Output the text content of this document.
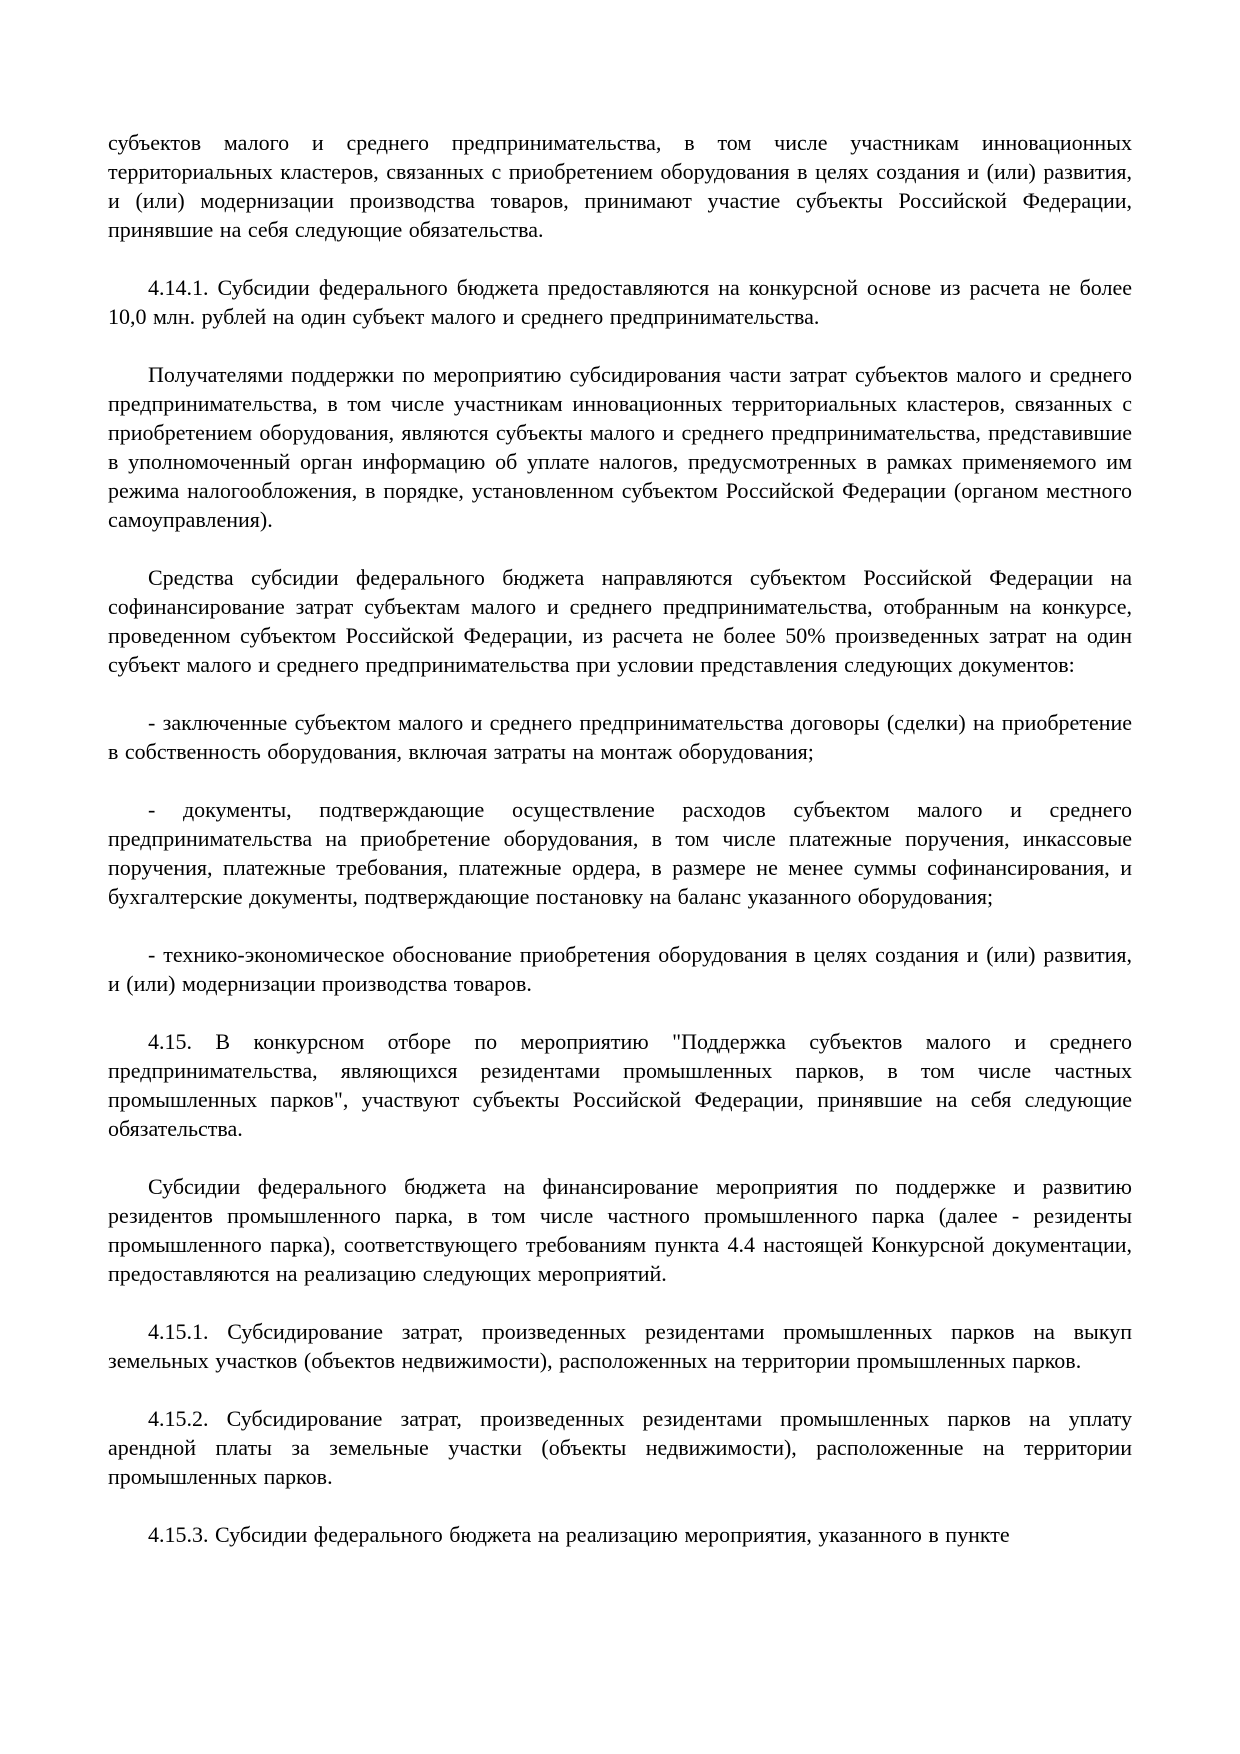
субъектов малого и среднего предпринимательства, в том числе участникам инновационных территориальных кластеров, связанных с приобретением оборудования в целях создания и (или) развития, и (или) модернизации производства товаров, принимают участие субъекты Российской Федерации, принявшие на себя следующие обязательства.

4.14.1. Субсидии федерального бюджета предоставляются на конкурсной основе из расчета не более 10,0 млн. рублей на один субъект малого и среднего предпринимательства.

Получателями поддержки по мероприятию субсидирования части затрат субъектов малого и среднего предпринимательства, в том числе участникам инновационных территориальных кластеров, связанных с приобретением оборудования, являются субъекты малого и среднего предпринимательства, представившие в уполномоченный орган информацию об уплате налогов, предусмотренных в рамках применяемого им режима налогообложения, в порядке, установленном субъектом Российской Федерации (органом местного самоуправления).

Средства субсидии федерального бюджета направляются субъектом Российской Федерации на софинансирование затрат субъектам малого и среднего предпринимательства, отобранным на конкурсе, проведенном субъектом Российской Федерации, из расчета не более 50% произведенных затрат на один субъект малого и среднего предпринимательства при условии представления следующих документов:

- заключенные субъектом малого и среднего предпринимательства договоры (сделки) на приобретение в собственность оборудования, включая затраты на монтаж оборудования;

- документы, подтверждающие осуществление расходов субъектом малого и среднего предпринимательства на приобретение оборудования, в том числе платежные поручения, инкассовые поручения, платежные требования, платежные ордера, в размере не менее суммы софинансирования, и бухгалтерские документы, подтверждающие постановку на баланс указанного оборудования;

- технико-экономическое обоснование приобретения оборудования в целях создания и (или) развития, и (или) модернизации производства товаров.

4.15. В конкурсном отборе по мероприятию "Поддержка субъектов малого и среднего предпринимательства, являющихся резидентами промышленных парков, в том числе частных промышленных парков", участвуют субъекты Российской Федерации, принявшие на себя следующие обязательства.

Субсидии федерального бюджета на финансирование мероприятия по поддержке и развитию резидентов промышленного парка, в том числе частного промышленного парка (далее - резиденты промышленного парка), соответствующего требованиям пункта 4.4 настоящей Конкурсной документации, предоставляются на реализацию следующих мероприятий.

4.15.1. Субсидирование затрат, произведенных резидентами промышленных парков на выкуп земельных участков (объектов недвижимости), расположенных на территории промышленных парков.

4.15.2. Субсидирование затрат, произведенных резидентами промышленных парков на уплату арендной платы за земельные участки (объекты недвижимости), расположенные на территории промышленных парков.

4.15.3. Субсидии федерального бюджета на реализацию мероприятия, указанного в пункте
